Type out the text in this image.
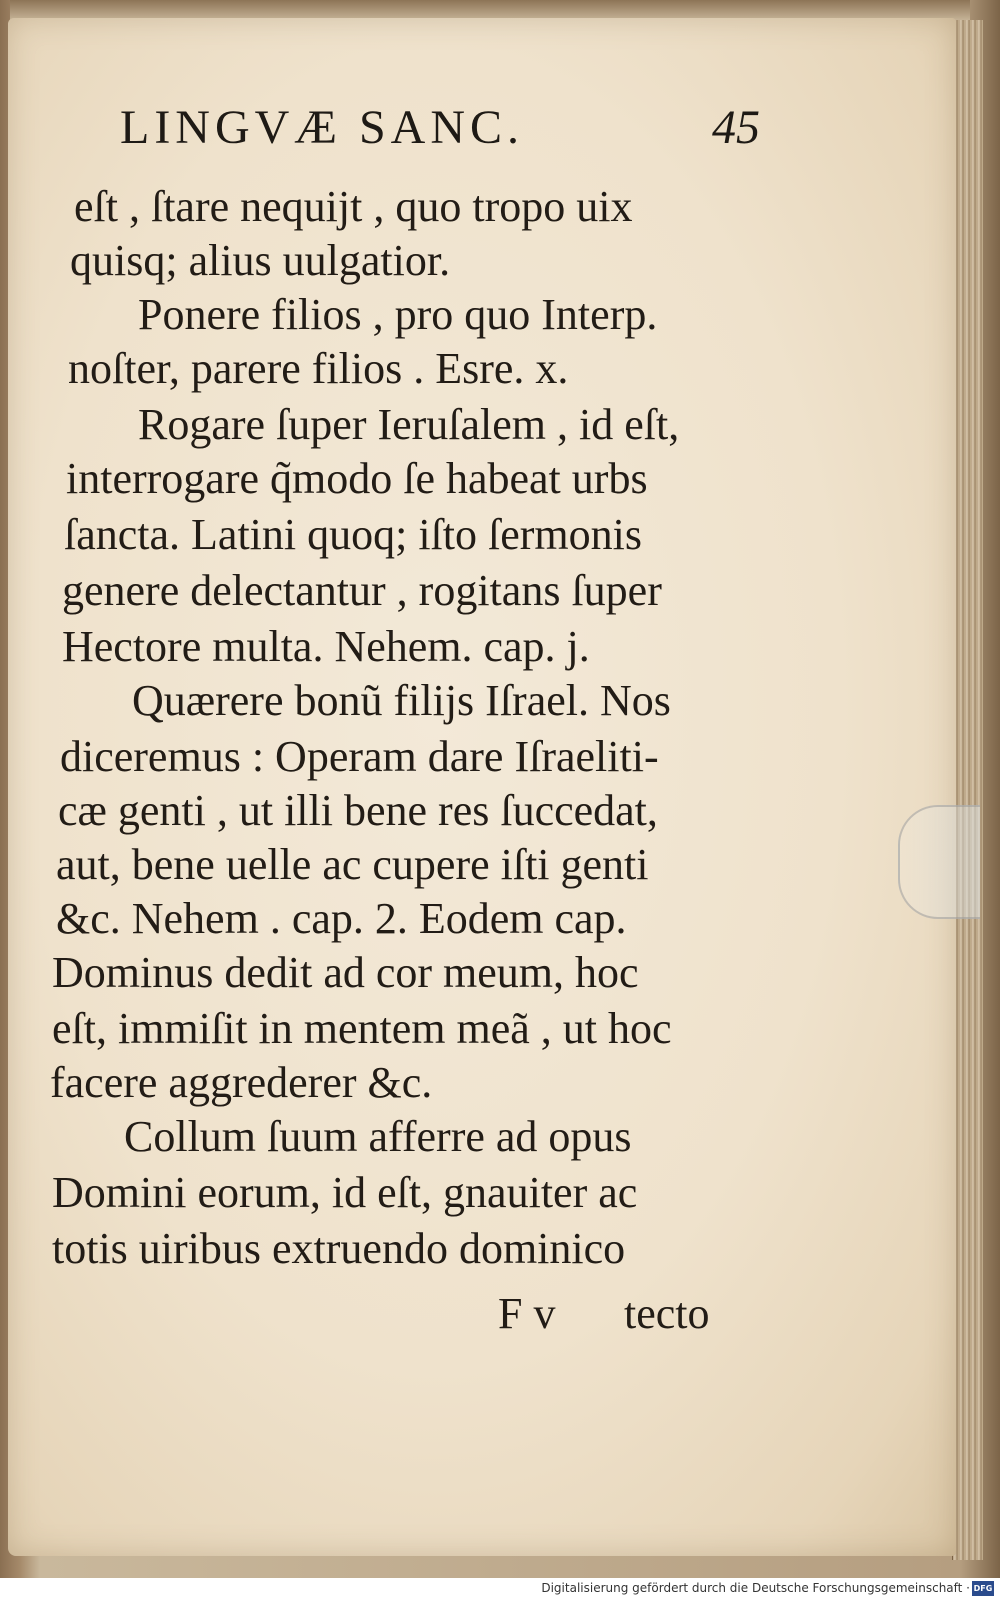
LINGVÆ SANC.	45
eſt , ſtare nequijt , quo tropo uix
quisq; alius uulgatior.
Ponere filios , pro quo Interp.
noſter, parere filios . Esre. x.
Rogare ſuper Ieruſalem , id eſt,
interrogare q̃modo ſe habeat urbs
ſancta. Latini quoq; iſto ſermonis
genere delectantur , rogitans ſuper
Hectore multa. Nehem. cap. j.
Quærere bonũ filijs Iſrael. Nos
diceremus : Operam dare Iſraeliti-
cæ genti , ut illi bene res ſuccedat,
aut, bene uelle ac cupere iſti genti
&c. Nehem . cap. 2. Eodem cap.
Dominus dedit ad cor meum, hoc
eſt, immiſit in mentem meã , ut hoc
facere aggrederer &c.
Collum ſuum afferre ad opus
Domini eorum, id eſt, gnauiter ac
totis uiribus extruendo dominico
F v tecto
Digitalisierung gefördert durch die Deutsche Forschungsgemeinschaft · DFG
